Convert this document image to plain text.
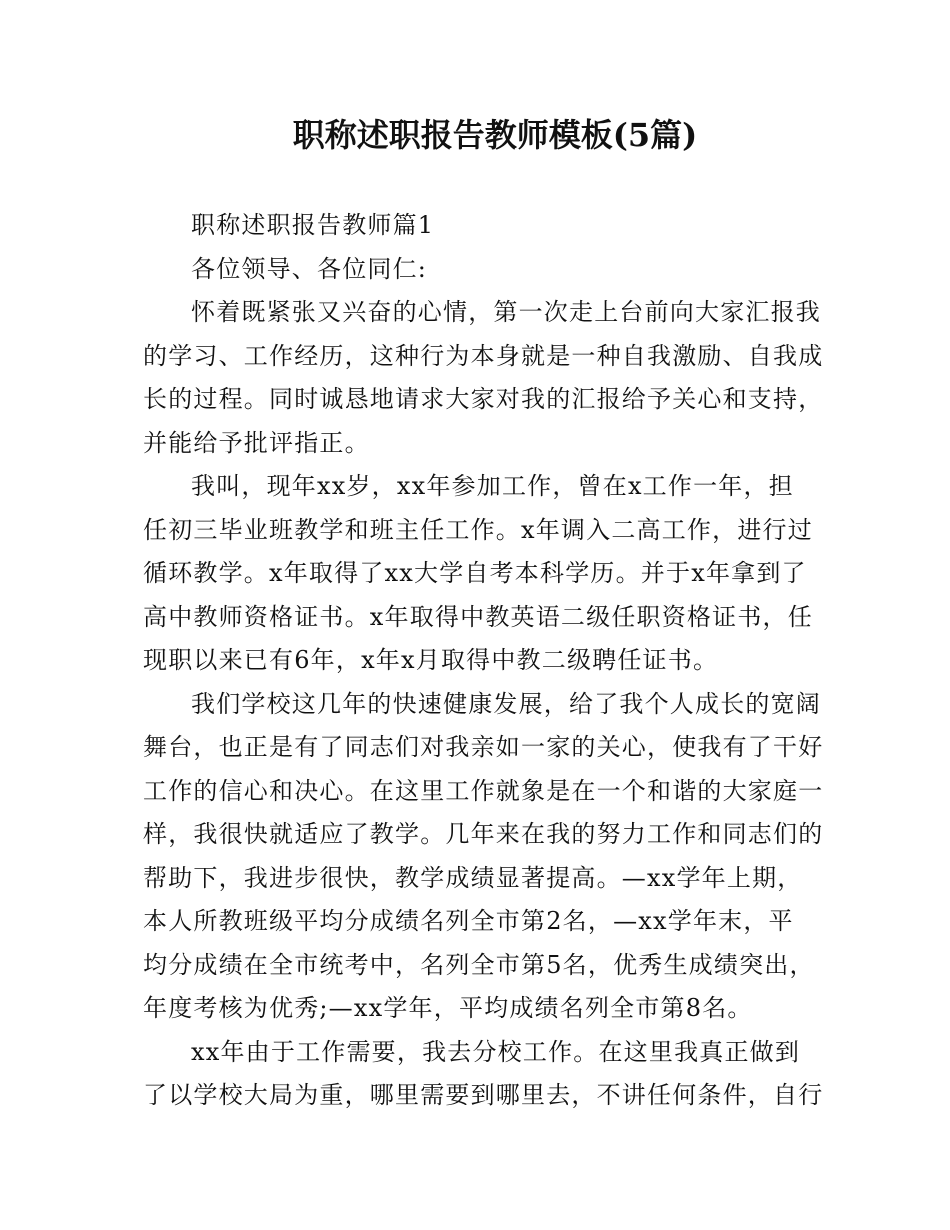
职称述职报告教师模板(5篇)
职称述职报告教师篇1
各位领导、各位同仁:
怀着既紧张又兴奋的心情，第一次走上台前向大家汇报我
的学习、工作经历，这种行为本身就是一种自我激励、自我成
长的过程。同时诚恳地请求大家对我的汇报给予关心和支持，
并能给予批评指正。
我叫，现年xx岁，xx年参加工作，曾在x工作一年，担
任初三毕业班教学和班主任工作。x年调入二高工作，进行过
循环教学。x年取得了xx大学自考本科学历。并于x年拿到了
高中教师资格证书。x年取得中教英语二级任职资格证书，任
现职以来已有6年，x年x月取得中教二级聘任证书。
我们学校这几年的快速健康发展，给了我个人成长的宽阔
舞台，也正是有了同志们对我亲如一家的关心，使我有了干好
工作的信心和决心。在这里工作就象是在一个和谐的大家庭一
样，我很快就适应了教学。几年来在我的努力工作和同志们的
帮助下，我进步很快，教学成绩显著提高。—xx学年上期，
本人所教班级平均分成绩名列全市第2名，—xx学年末，平
均分成绩在全市统考中，名列全市第5名，优秀生成绩突出，
年度考核为优秀;—xx学年，平均成绩名列全市第8名。
xx年由于工作需要，我去分校工作。在这里我真正做到
了以学校大局为重，哪里需要到哪里去，不讲任何条件，自行
